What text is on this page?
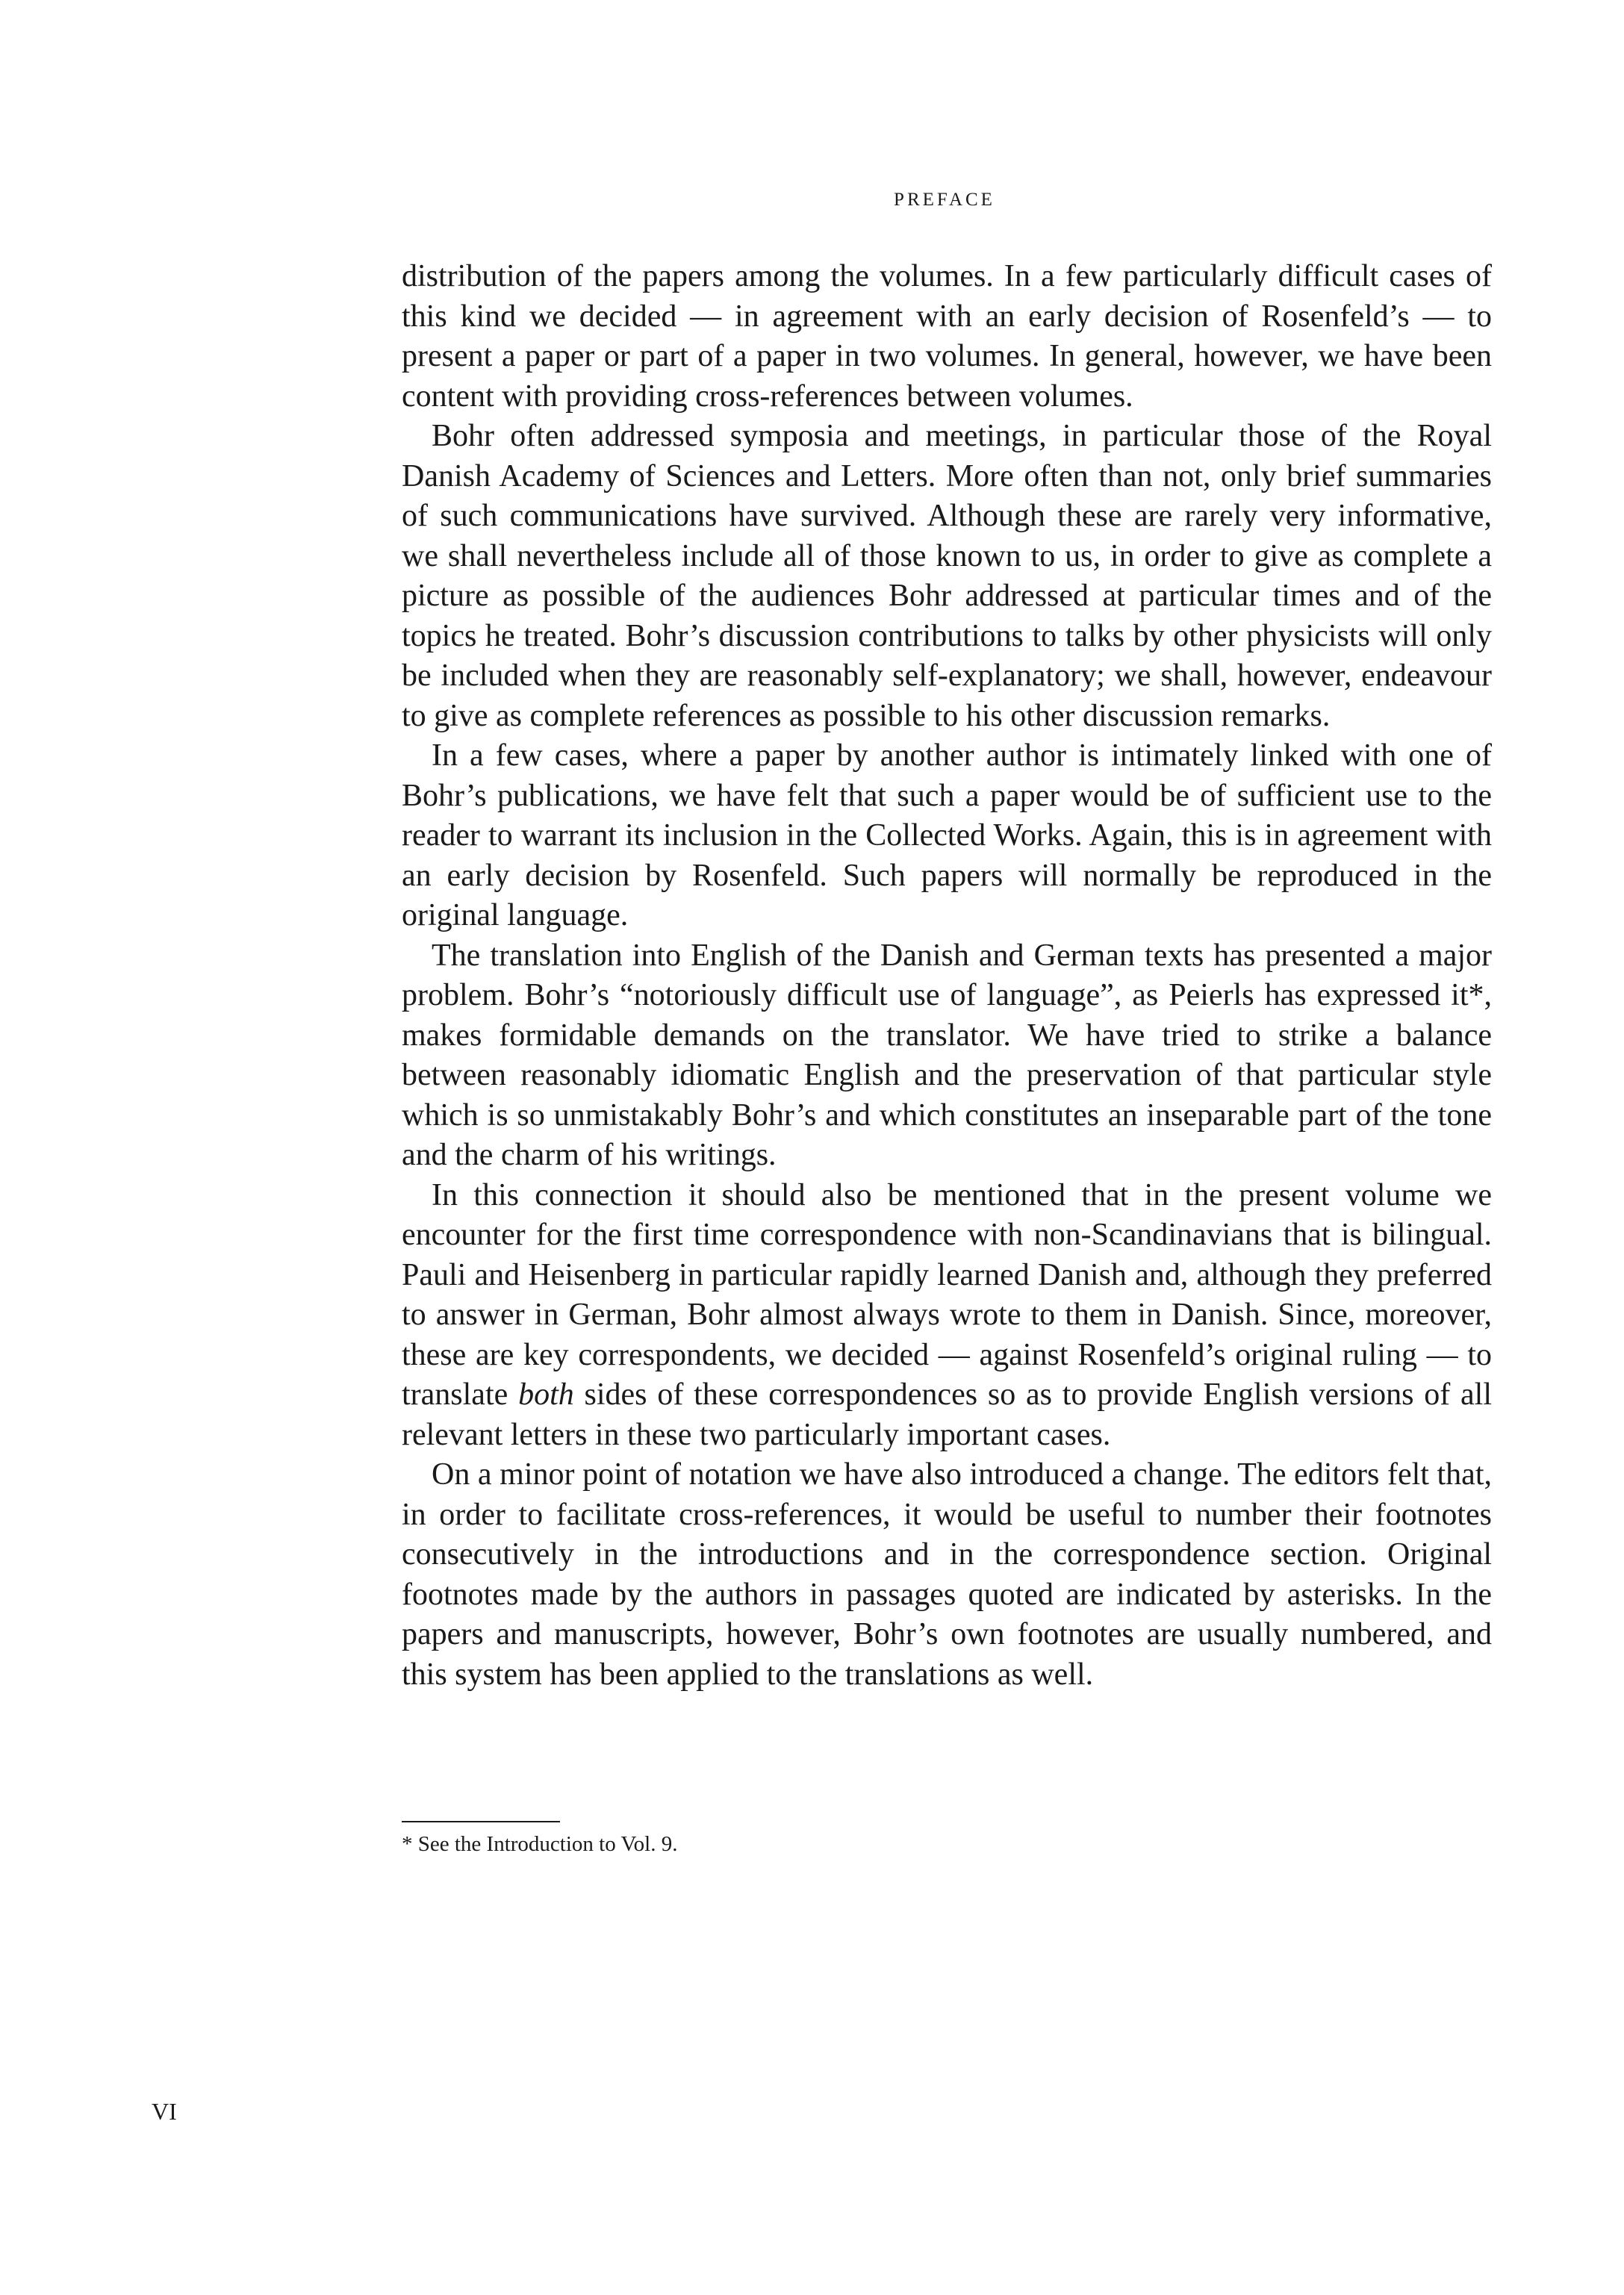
PREFACE

distribution of the papers among the volumes. In a few particularly difficult cases of this kind we decided — in agreement with an early decision of Rosenfeld’s — to present a paper or part of a paper in two volumes. In general, however, we have been content with providing cross-references between volumes.

Bohr often addressed symposia and meetings, in particular those of the Royal Danish Academy of Sciences and Letters. More often than not, only brief summaries of such communications have survived. Although these are rarely very informative, we shall nevertheless include all of those known to us, in order to give as complete a picture as possible of the audiences Bohr addressed at particular times and of the topics he treated. Bohr’s discussion contributions to talks by other physicists will only be included when they are reasonably self-explanatory; we shall, however, endeavour to give as complete references as possible to his other discussion remarks.

In a few cases, where a paper by another author is intimately linked with one of Bohr’s publications, we have felt that such a paper would be of sufficient use to the reader to warrant its inclusion in the Collected Works. Again, this is in agreement with an early decision by Rosenfeld. Such papers will normally be reproduced in the original language.

The translation into English of the Danish and German texts has presented a major problem. Bohr’s “notoriously difficult use of language”, as Peierls has expressed it*, makes formidable demands on the translator. We have tried to strike a balance between reasonably idiomatic English and the preservation of that particular style which is so unmistakably Bohr’s and which constitutes an inseparable part of the tone and the charm of his writings.

In this connection it should also be mentioned that in the present volume we encounter for the first time correspondence with non-Scandinavians that is bilingual. Pauli and Heisenberg in particular rapidly learned Danish and, although they preferred to answer in German, Bohr almost always wrote to them in Danish. Since, moreover, these are key correspondents, we decided — against Rosenfeld’s original ruling — to translate both sides of these correspondences so as to provide English versions of all relevant letters in these two particularly important cases.

On a minor point of notation we have also introduced a change. The editors felt that, in order to facilitate cross-references, it would be useful to number their footnotes consecutively in the introductions and in the correspondence section. Original footnotes made by the authors in passages quoted are indicated by asterisks. In the papers and manuscripts, however, Bohr’s own footnotes are usually numbered, and this system has been applied to the translations as well.

* See the Introduction to Vol. 9.
VI
